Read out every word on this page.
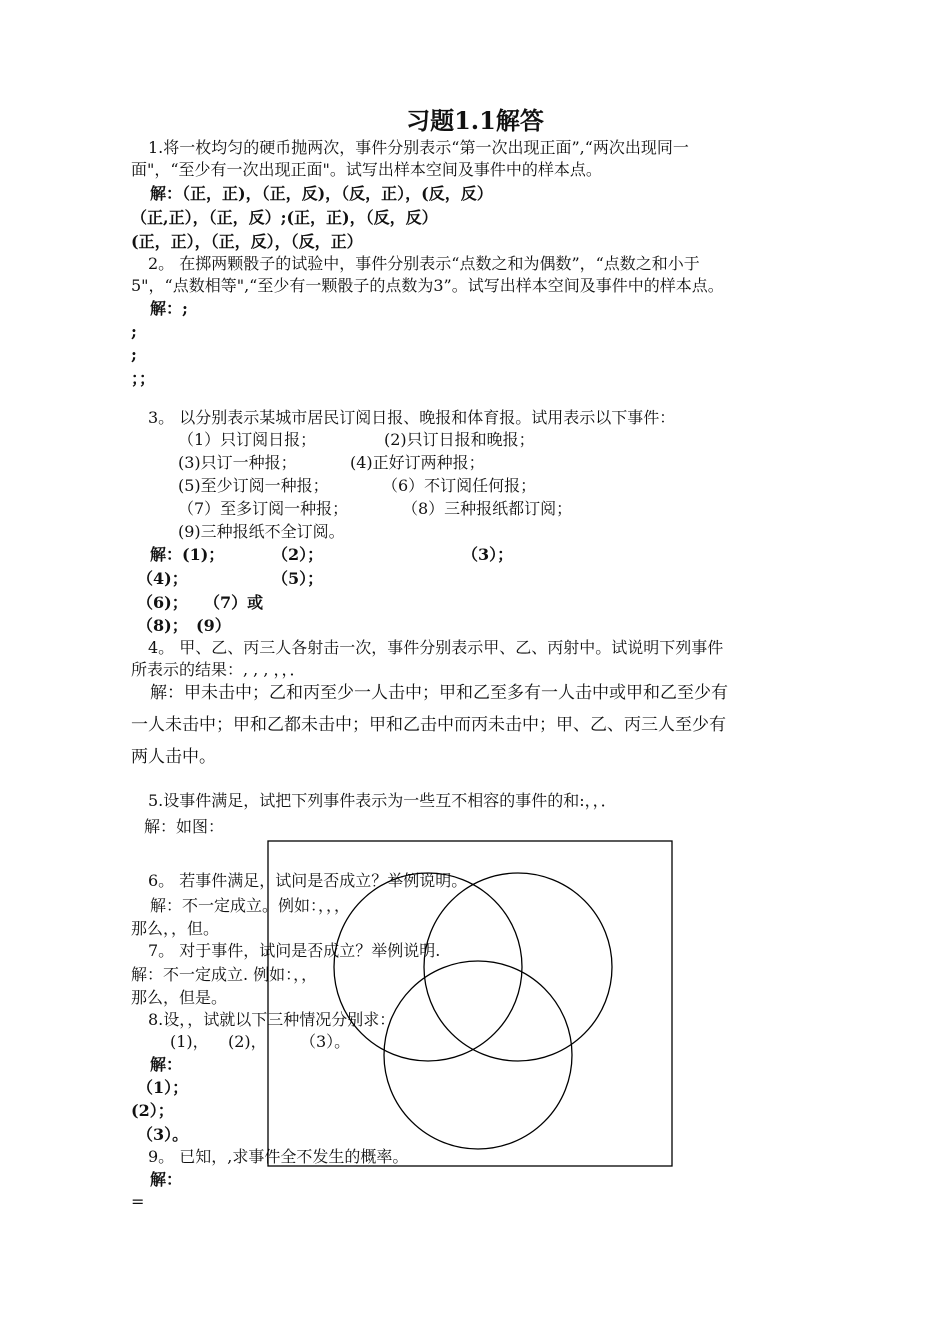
习题1.1解答
1.将一枚均匀的硬币抛两次，事件分别表示“第一次出现正面”,“两次出现同一
面"，“至少有一次出现正面"。试写出样本空间及事件中的样本点。
解：（正，正)，（正，反)，（反，正），(反，反）
（正,正），（正，反）;(正，正)，（反，反）
(正，正），（正，反），（反，正）
2。 在掷两颗骰子的试验中，事件分别表示“点数之和为偶数”，“点数之和小于
5"，“点数相等",“至少有一颗骰子的点数为3”。试写出样本空间及事件中的样本点。
解：;
;
;
；；
3。 以分别表示某城市居民订阅日报、晚报和体育报。试用表示以下事件：
（1）只订阅日报；	(2)只订日报和晚报；
(3)只订一种报；	(4)正好订两种报；
(5)至少订阅一种报；	（6）不订阅任何报；
（7）至多订阅一种报；	（8）三种报纸都订阅；
(9)三种报纸不全订阅。
解：(1)；	（2）；	（3）；
（4)；	（5）；
（6)； （7）或
（8)； (9）
4。 甲、乙、丙三人各射击一次，事件分别表示甲、乙、丙射中。试说明下列事件
所表示的结果：, , , ，，．
解：甲未击中；乙和丙至少一人击中；甲和乙至多有一人击中或甲和乙至少有
一人未击中；甲和乙都未击中；甲和乙击中而丙未击中；甲、乙、丙三人至少有
两人击中。
5.设事件满足，试把下列事件表示为一些互不相容的事件的和:，，．
解：如图：
6。 若事件满足，试问是否成立？举例说明。
解：不一定成立。例如：，，，
那么，，但。
7。 对于事件，试问是否成立？举例说明.
解：不一定成立. 例如：，，
那么，但是。
8.设，，试就以下三种情况分别求：
(1)， (2)， （3）。
解：
（1）；
(2）；
（3）。
9。 已知，,求事件全不发生的概率。
解：
=
